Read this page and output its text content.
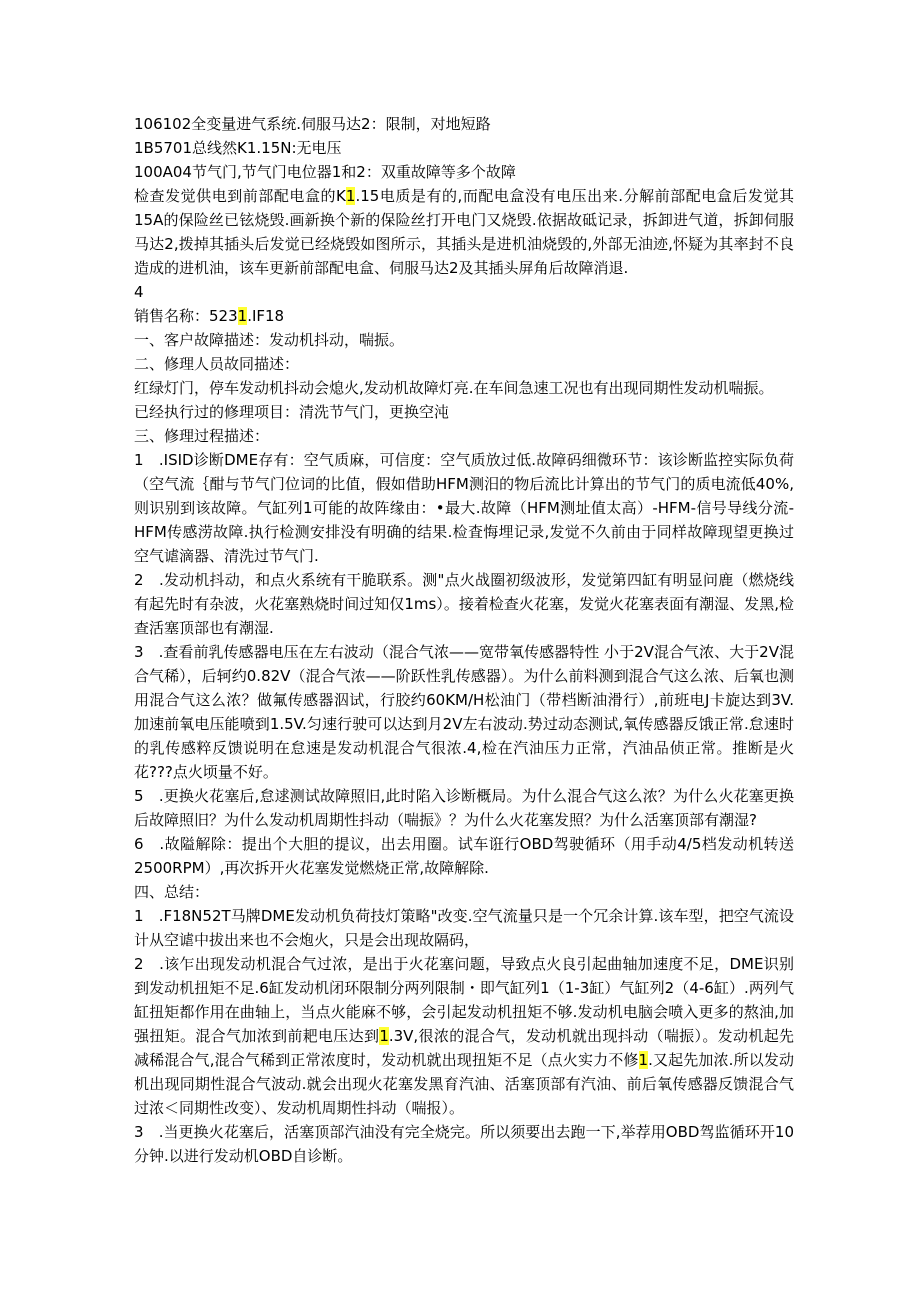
106102全变量进气系统.伺服马达2：限制，对地短路

1B5701总线然K1.15N:无电压

100A04节气门,节气门电位器1和2：双重故障等多个故障

检查发觉供电到前部配电盒的K1.15电质是有的,而配电盒没有电压出来.分解前部配电盒后发觉其15A的保险丝已铉烧毁.画新换个新的保险丝打开电门又烧毁.依据故砥记录，拆卸进气道，拆卸伺服马达2,拨掉其插头后发觉已经烧毁如图所示，其插头是进机油烧毁的,外部无油迹,怀疑为其率封不良造成的进机油，该车更新前部配电盒、伺服马达2及其插头屏角后故障消退.

4

销售名称：5231.IF18

一、客户故障描述：发动机抖动，喘振。

二、修理人员故同描述：

红绿灯门，停车发动机抖动会熄火,发动机故障灯亮.在车间急速工况也有出现同期性发动机喘振。

已经执行过的修理项目：清洗节气门，更换空沌

三、修理过程描述：

1　.ISID诊断DME存有：空气质麻，可信度：空气质放过低.故障码细微环节：该诊断监控实际负荷（空气流｛酣与节气门位词的比值，假如借助HFM测汨的物后流比计算出的节气门的质电流低40%,则识别到该故障。气缸列1可能的故阵缘由：•最大.故障（HFM测址值太高）-HFM-信号导线分流-HFM传感涝故障.执行检测安排没有明确的结果.检査悔埋记录,发觉不久前由于同样故障现望更换过空气谑滴器、清洗过节气门.

2　.发动机抖动，和点火系统有干脆联系。测"点火战圈初级波形，发觉第四缸有明显问鹿（燃烧线有起先时有杂波，火花塞熟烧时间过知仅1ms）。接着检查火花塞，发觉火花塞表面有潮湿、发黑,检查活塞顶部也有潮湿.

3　.查看前乳传感器电压在左右波动（混合气浓——宽带氧传感器特性 小于2V混合气浓、大于2V混合气稀），后轲约0.82V（混合气浓——阶跃性乳传感器）。为什么前料测到混合气这么浓、后氧也测用混合气这么浓？做氟传感器泅试，行胶约60KM/H松油门（带档断油滑行）,前班电J卡旋达到3V.加速前氧电压能喷到1.5V.匀速行驶可以达到月2V左右波动.势过动态测试,氧传感器反饿正常.怠速时的乳传感粹反馈说明在怠速是发动机混合气很浓.4,检在汽油压力正常，汽油品侦正常。推断是火花???点火顷量不好。

5　.更换火花塞后,怠逑测试故障照旧,此时陷入诊断概局。为什么混合气这么浓？为什么火花塞更换后故障照旧？为什么发动机周期性抖动（喘振》？为什么火花塞发照？为什么活塞顶部有潮湿?

6　.故隘解除：提出个大胆的提议，出去用圈。试车诳行OBD驾驶循环（用手动4/5档发动机转送2500RPM）,再次拆开火花塞发觉燃烧正常,故障解除.

四、总结：

1　.F18N52T马牌DME发动机负荷技灯策略"改变.空气流量只是一个冗余计算.该车型，把空气流设计从空谑中拔出来也不会炮火，只是会出现故隔码，

2　.该乍出现发动机混合气过浓，是出于火花塞问题，导致点火良引起曲轴加速度不足，DME识别到发动机扭矩不足.6缸发动机闭环限制分两列限制・即气缸列1（1-3缸）气缸列2（4-6缸）.两列气缸扭矩都作用在曲轴上，当点火能麻不够，会引起发动机扭矩不够.发动机电脑会喷入更多的熬油,加强扭矩。混合气加浓到前耙电压达到1.3V,很浓的混合气，发动机就出现抖动（喘振）。发动机起先减稀混合气,混合气稀到正常浓度时，发动机就出现扭矩不足（点火实力不修1.又起先加浓.所以发动机出现同期性混合气波动.就会出现火花塞发黑育汽油、活塞顶部有汽油、前后氧传感器反馈混合气过浓＜同期性改变）、发动机周期性抖动（喘报）。

3　.当更换火花塞后，活塞顶部汽油没有完全烧完。所以须要出去跑一下,举荐用OBD驾监循环开10分钟.以进行发动机OBD自诊断。
